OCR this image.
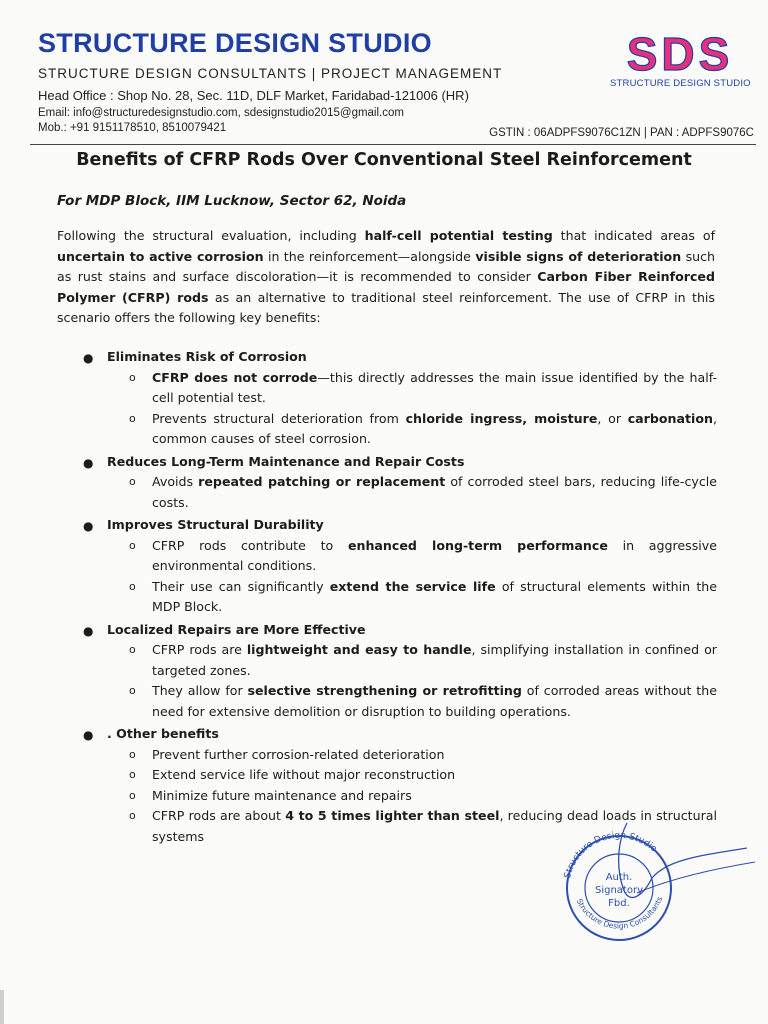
STRUCTURE DESIGN STUDIO
STRUCTURE DESIGN CONSULTANTS | PROJECT MANAGEMENT
Head Office : Shop No. 28, Sec. 11D, DLF Market, Faridabad-121006 (HR)
Email: info@structuredesignstudio.com, sdesignstudio2015@gmail.com
Mob.: +91 9151178510, 8510079421	GSTIN : 06ADPFS9076C1ZN | PAN : ADPFS9076C
SDS
STRUCTURE DESIGN STUDIO
Benefits of CFRP Rods Over Conventional Steel Reinforcement

For MDP Block, IIM Lucknow, Sector 62, Noida

Following the structural evaluation, including half-cell potential testing that indicated areas of uncertain to active corrosion in the reinforcement—alongside visible signs of deterioration such as rust stains and surface discoloration—it is recommended to consider Carbon Fiber Reinforced Polymer (CFRP) rods as an alternative to traditional steel reinforcement. The use of CFRP in this scenario offers the following key benefits:

● Eliminates Risk of Corrosion
o CFRP does not corrode—this directly addresses the main issue identified by the half-cell potential test.
o Prevents structural deterioration from chloride ingress, moisture, or carbonation, common causes of steel corrosion.
● Reduces Long-Term Maintenance and Repair Costs
o Avoids repeated patching or replacement of corroded steel bars, reducing life-cycle costs.
● Improves Structural Durability
o CFRP rods contribute to enhanced long-term performance in aggressive environmental conditions.
o Their use can significantly extend the service life of structural elements within the MDP Block.
● Localized Repairs are More Effective
o CFRP rods are lightweight and easy to handle, simplifying installation in confined or targeted zones.
o They allow for selective strengthening or retrofitting of corroded areas without the need for extensive demolition or disruption to building operations.
● . Other benefits
o Prevent further corrosion-related deterioration
o Extend service life without major reconstruction
o Minimize future maintenance and repairs
o CFRP rods are about 4 to 5 times lighter than steel, reducing dead loads in structural systems
Structure Design Studio
Structure Design Consultants
Auth.
Signatory
Fbd.
